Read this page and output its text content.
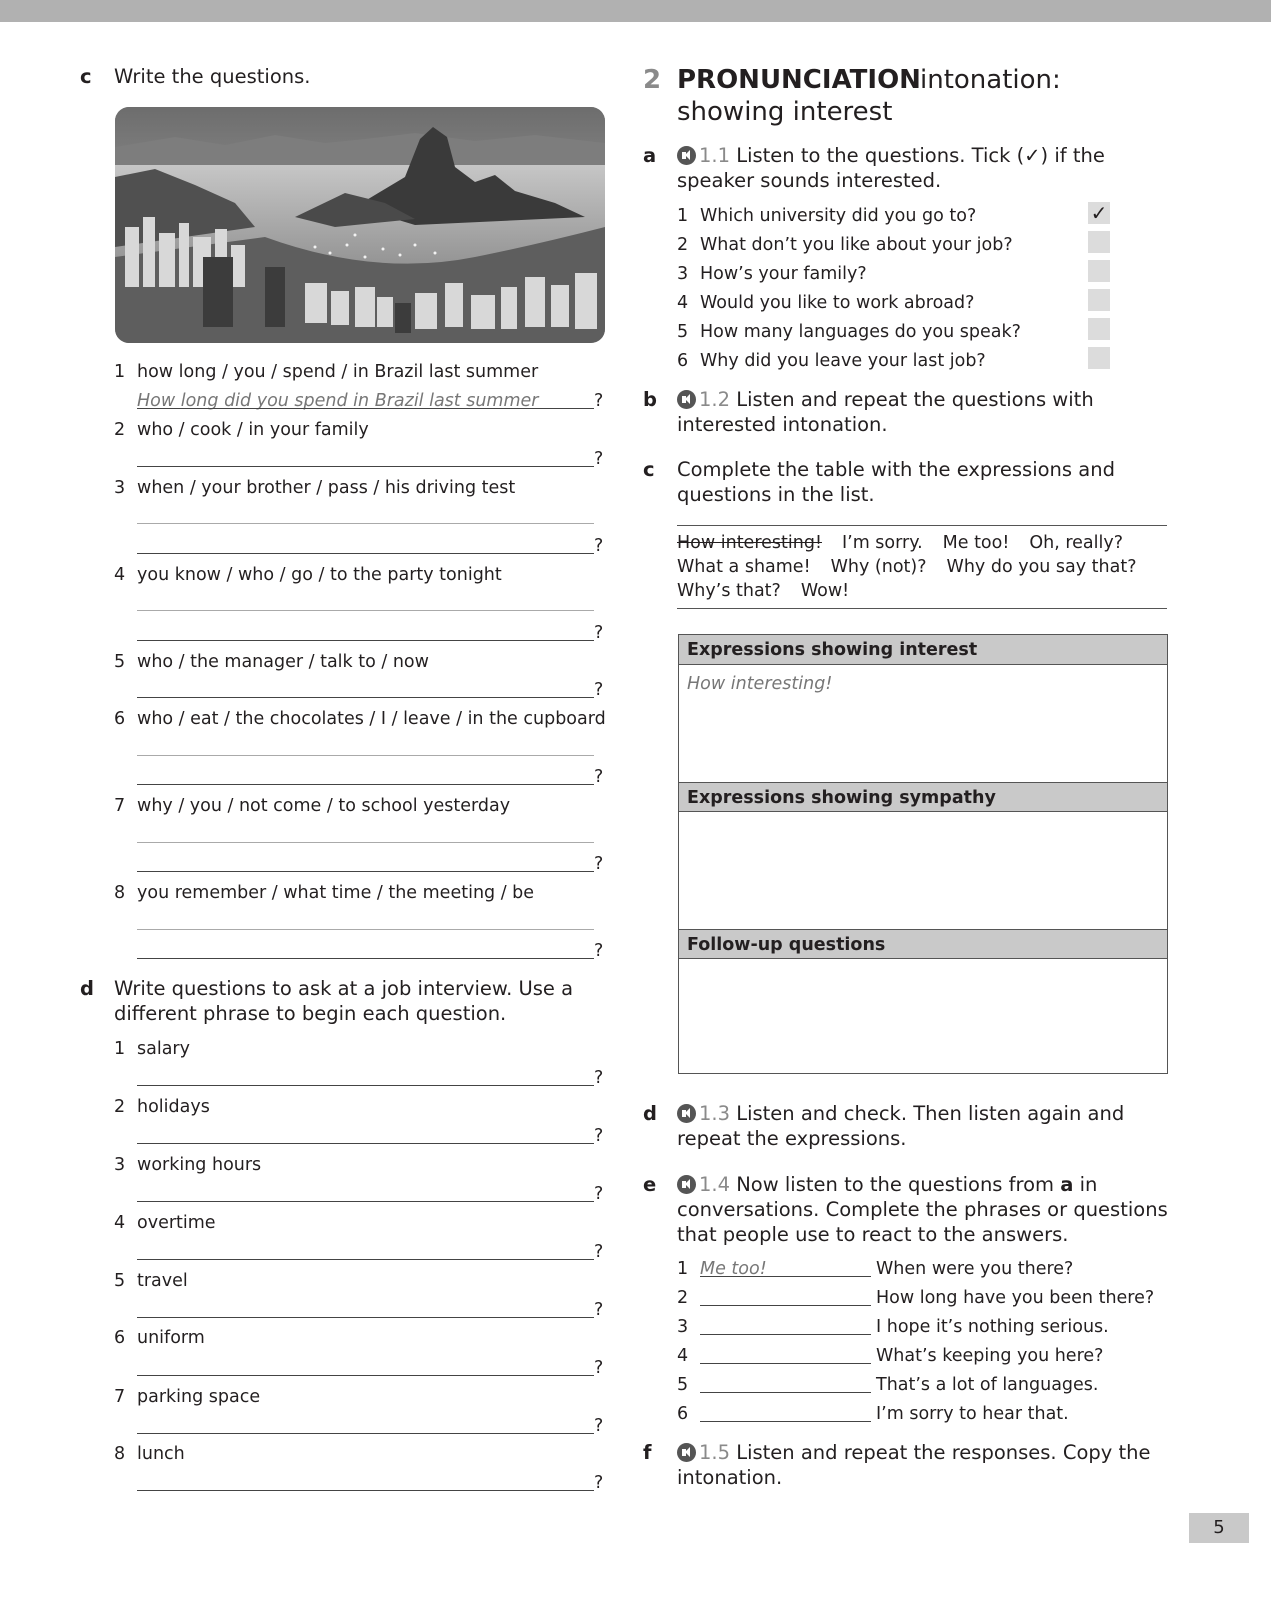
c Write the questions.
1 how long / you / spend / in Brazil last summer
How long did you spend in Brazil last summer	?
2 who / cook / in your family
?
3 when / your brother / pass / his driving test
?
4 you know / who / go / to the party tonight
?
5 who / the manager / talk to / now
?
6 who / eat / the chocolates / I / leave / in the cupboard
?
7 why / you / not come / to school yesterday
?
8 you remember / what time / the meeting / be
?
d Write questions to ask at a job interview. Use a
different phrase to begin each question.
1 salary
?
2 holidays
?
3 working hours
?
4 overtime
?
5 travel
?
6 uniform
?
7 parking space
?
8 lunch
?
2 PRONUNCIATION intonation:
showing interest
a	1.1 Listen to the questions. Tick (✓) if the
speaker sounds interested.
1 Which university did you go to?	✓
2 What don’t you like about your job?
3 How’s your family?
4 Would you like to work abroad?
5 How many languages do you speak?
6 Why did you leave your last job?
b	1.2 Listen and repeat the questions with
interested intonation.
c Complete the table with the expressions and
questions in the list.
How interesting! I’m sorry. Me too! Oh, really?
What a shame! Why (not)? Why do you say that?
Why’s that? Wow!
Expressions showing interest
How interesting!
Expressions showing sympathy
Follow-up questions
d	1.3 Listen and check. Then listen again and
repeat the expressions.
e	1.4 Now listen to the questions from a in
conversations. Complete the phrases or questions
that people use to react to the answers.
1 Me too!	When were you there?
2	How long have you been there?
3	I hope it’s nothing serious.
4	What’s keeping you here?
5	That’s a lot of languages.
6	I’m sorry to hear that.
f	1.5 Listen and repeat the responses. Copy the
intonation.
5
